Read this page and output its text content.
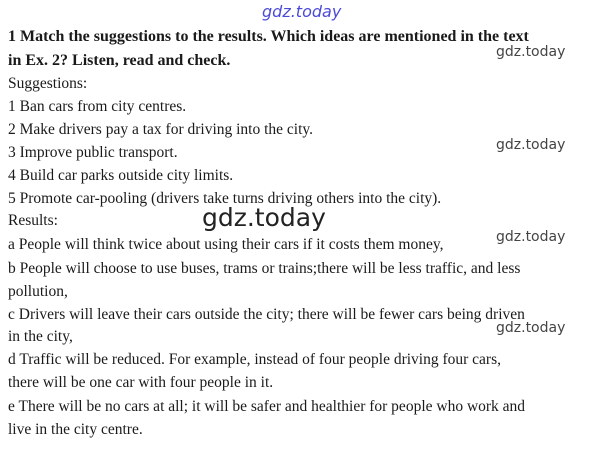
gdz.today
1 Match the suggestions to the results. Which ideas are mentioned in the text
gdz.today
in Ex. 2? Listen, read and check.
Suggestions:
1 Ban cars from city centres.
2 Make drivers pay a tax for driving into the city.
gdz.today
3 Improve public transport.
4 Build car parks outside city limits.
5 Promote car-pooling (drivers take turns driving others into the city).
Results:	gdz.today
a People will think twice about using their cars if it costs them money,	gdz.today
b People will choose to use buses, trams or trains;there will be less traffic, and less
pollution,
c Drivers will leave their cars outside the city; there will be fewer cars being driven
gdz.today
in the city,
d Traffic will be reduced. For example, instead of four people driving four cars,
there will be one car with four people in it.
e There will be no cars at all; it will be safer and healthier for people who work and
live in the city centre.
